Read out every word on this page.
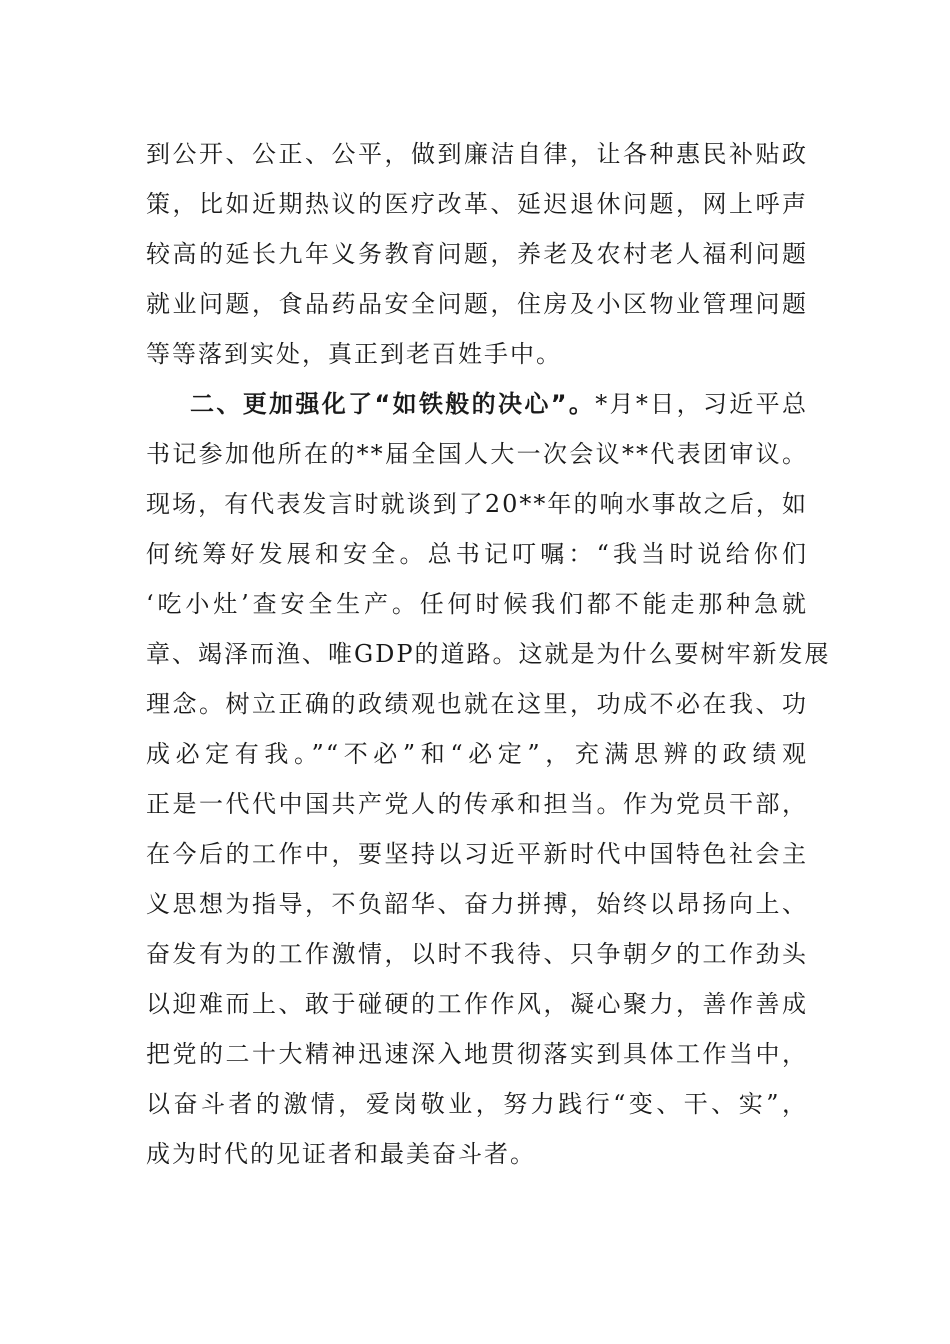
到公开、公正、公平，做到廉洁自律，让各种惠民补贴政
策，比如近期热议的医疗改革、延迟退休问题，网上呼声
较高的延长九年义务教育问题，养老及农村老人福利问题
就业问题，食品药品安全问题，住房及小区物业管理问题
等等落到实处，真正到老百姓手中。
二、更加强化了“如铁般的决心”。*月*日，习近平总
书记参加他所在的**届全国人大一次会议**代表团审议。
现场，有代表发言时就谈到了20**年的响水事故之后，如
何统筹好发展和安全。总书记叮嘱：“我当时说给你们
‘吃小灶’查安全生产。任何时候我们都不能走那种急就
章、竭泽而渔、唯GDP的道路。这就是为什么要树牢新发展
理念。树立正确的政绩观也就在这里，功成不必在我、功
成必定有我。”“不必”和“必定”，充满思辨的政绩观
正是一代代中国共产党人的传承和担当。作为党员干部，
在今后的工作中，要坚持以习近平新时代中国特色社会主
义思想为指导，不负韶华、奋力拼搏，始终以昂扬向上、
奋发有为的工作激情，以时不我待、只争朝夕的工作劲头
以迎难而上、敢于碰硬的工作作风，凝心聚力，善作善成
把党的二十大精神迅速深入地贯彻落实到具体工作当中，
以奋斗者的激情，爱岗敬业，努力践行“变、干、实”，
成为时代的见证者和最美奋斗者。
